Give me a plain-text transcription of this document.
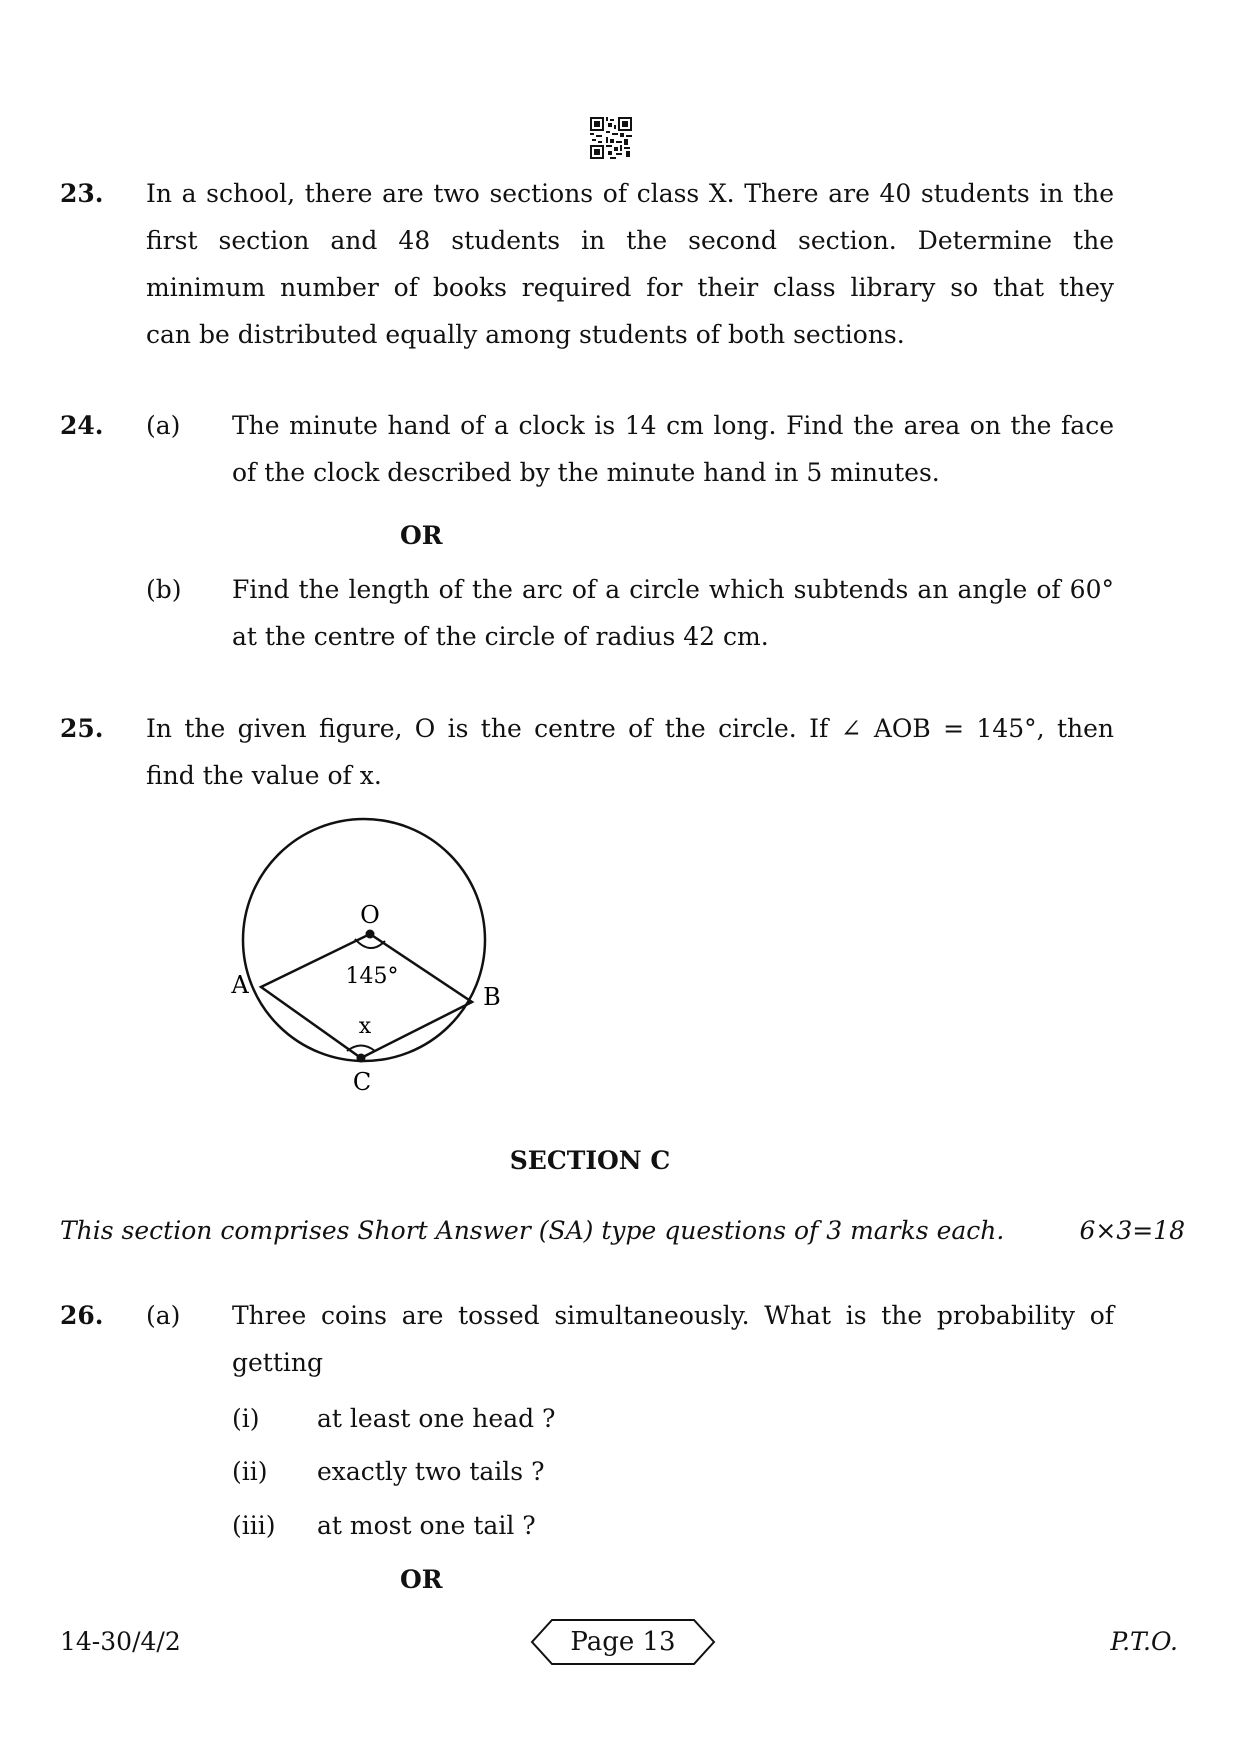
23. In a school, there are two sections of class X. There are 40 students in the
first section and 48 students in the second section. Determine the
minimum number of books required for their class library so that they
can be distributed equally among students of both sections.
24. (a) The minute hand of a clock is 14 cm long. Find the area on the face
of the clock described by the minute hand in 5 minutes.
OR
(b) Find the length of the arc of a circle which subtends an angle of 60°
at the centre of the circle of radius 42 cm.
25. In the given figure, O is the centre of the circle. If ∠ AOB = 145°, then
find the value of x.
O
A	B
C
145°
x
SECTION C
This section comprises Short Answer (SA) type questions of 3 marks each.	6×3=18
26. (a) Three coins are tossed simultaneously. What is the probability of
getting
(i) at least one head ?
(ii) exactly two tails ?
(iii) at most one tail ?
OR
14-30/4/2	Page 13	P.T.O.
